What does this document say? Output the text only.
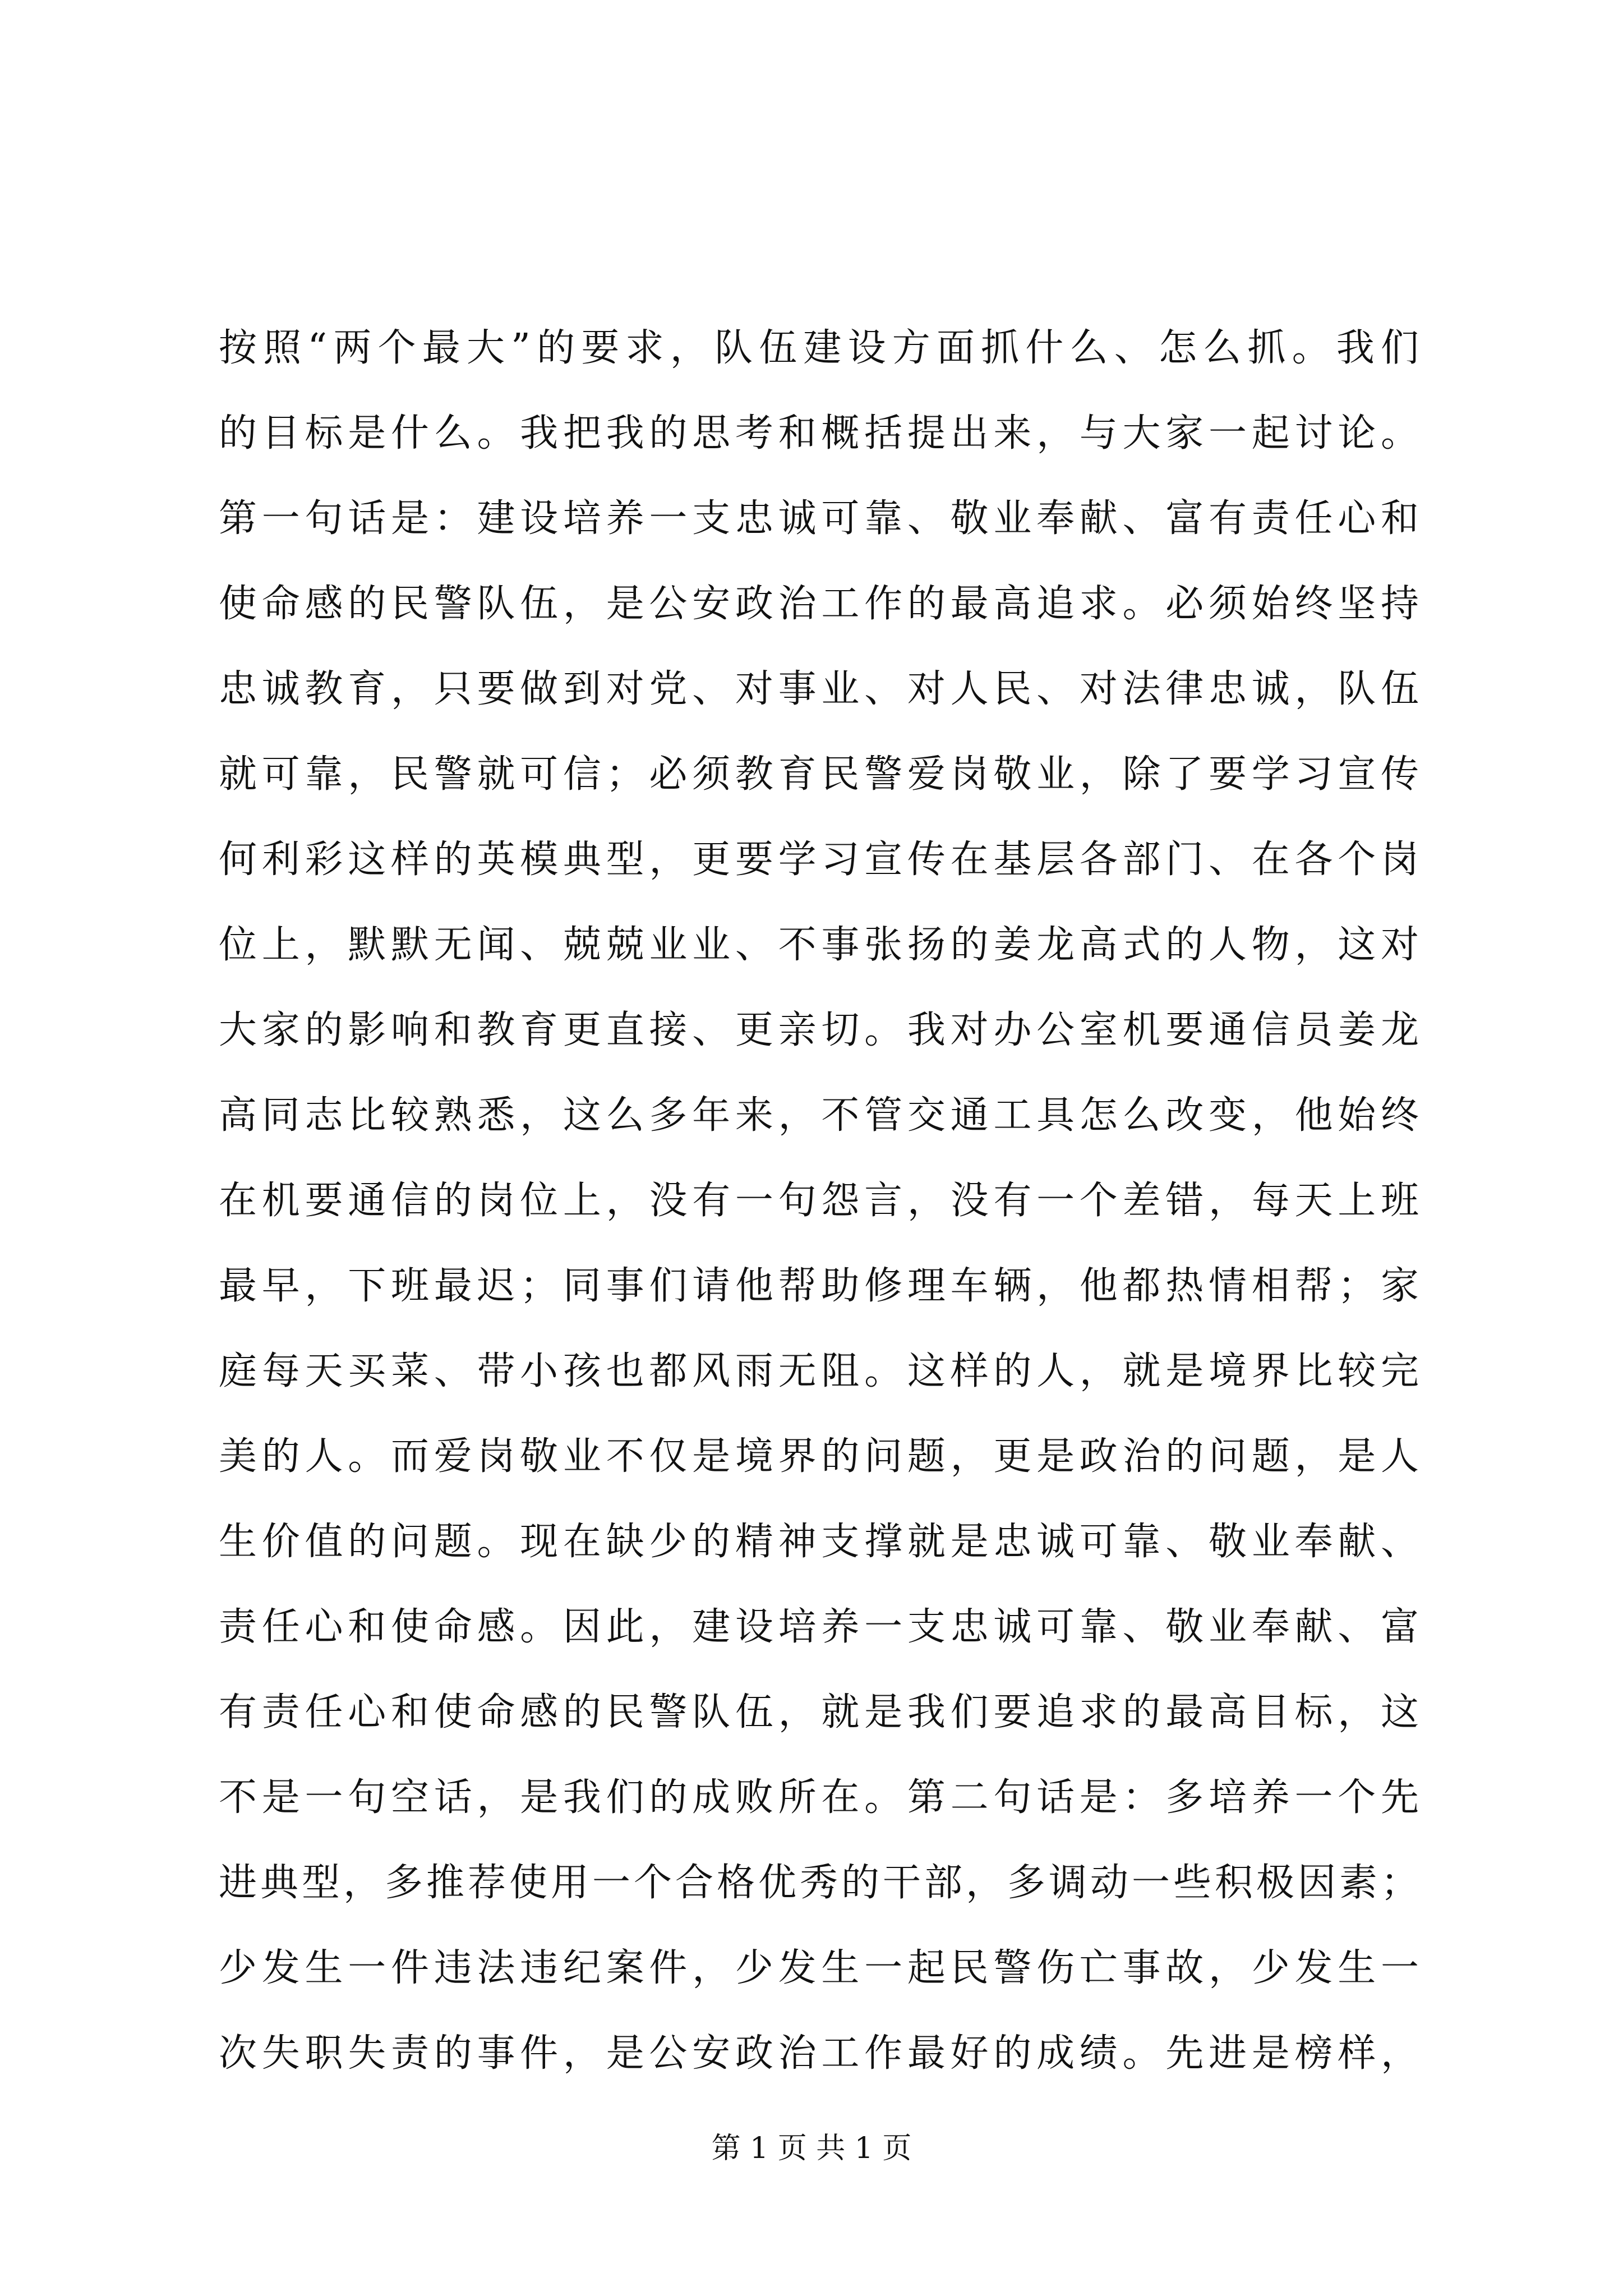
按照“两个最大”的要求，队伍建设方面抓什么、怎么抓。我们
的目标是什么。我把我的思考和概括提出来，与大家一起讨论。
第一句话是：建设培养一支忠诚可靠、敬业奉献、富有责任心和
使命感的民警队伍，是公安政治工作的最高追求。必须始终坚持
忠诚教育，只要做到对党、对事业、对人民、对法律忠诚，队伍
就可靠，民警就可信；必须教育民警爱岗敬业，除了要学习宣传
何利彩这样的英模典型，更要学习宣传在基层各部门、在各个岗
位上，默默无闻、兢兢业业、不事张扬的姜龙高式的人物，这对
大家的影响和教育更直接、更亲切。我对办公室机要通信员姜龙
高同志比较熟悉，这么多年来，不管交通工具怎么改变，他始终
在机要通信的岗位上，没有一句怨言，没有一个差错，每天上班
最早，下班最迟；同事们请他帮助修理车辆，他都热情相帮；家
庭每天买菜、带小孩也都风雨无阻。这样的人，就是境界比较完
美的人。而爱岗敬业不仅是境界的问题，更是政治的问题，是人
生价值的问题。现在缺少的精神支撑就是忠诚可靠、敬业奉献、
责任心和使命感。因此，建设培养一支忠诚可靠、敬业奉献、富
有责任心和使命感的民警队伍，就是我们要追求的最高目标，这
不是一句空话，是我们的成败所在。第二句话是：多培养一个先
进典型，多推荐使用一个合格优秀的干部，多调动一些积极因素；
少发生一件违法违纪案件，少发生一起民警伤亡事故，少发生一
次失职失责的事件，是公安政治工作最好的成绩。先进是榜样，
第 1 页 共 1 页
